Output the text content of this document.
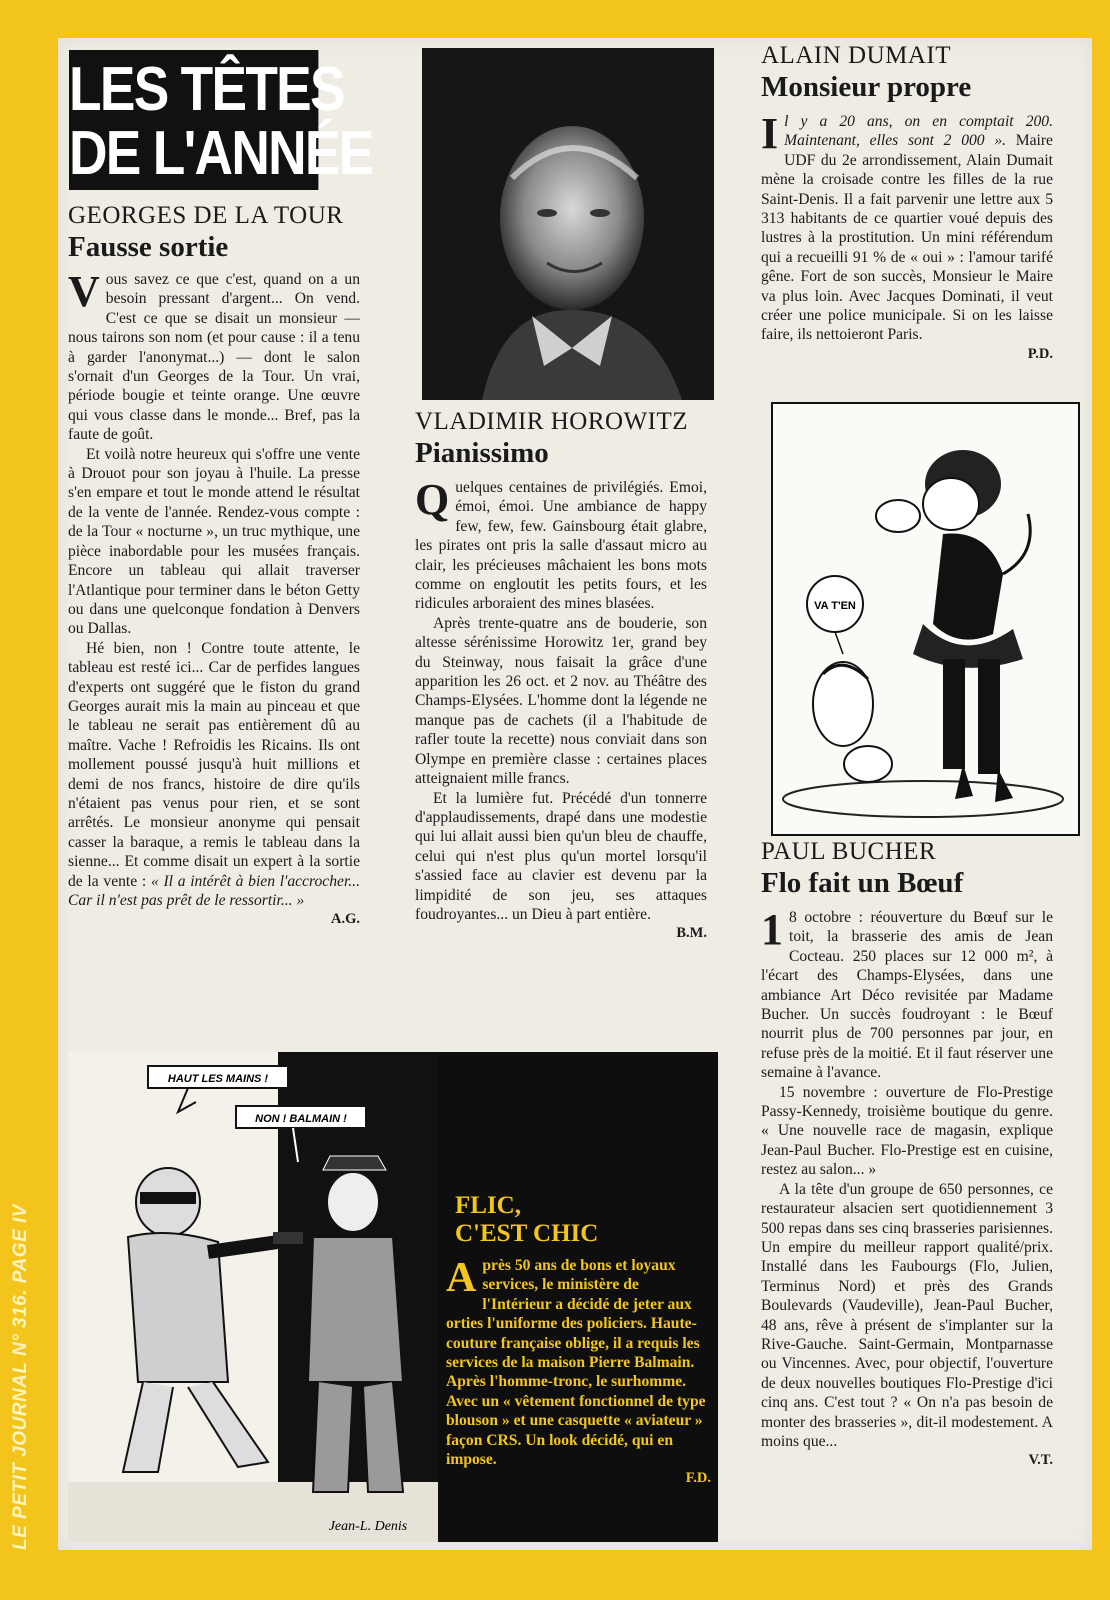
LES TÊTES
DE L'ANNÉE
GEORGES DE LA TOUR
Fausse sortie

Vous savez ce que c'est, quand on a un besoin pressant d'argent... On vend. C'est ce que se disait un monsieur — nous tairons son nom (et pour cause : il a tenu à garder l'anonymat...) — dont le salon s'ornait d'un Georges de la Tour. Un vrai, période bougie et teinte orange. Une œuvre qui vous classe dans le monde... Bref, pas la faute de goût.

Et voilà notre heureux qui s'offre une vente à Drouot pour son joyau à l'huile. La presse s'en empare et tout le monde attend le résultat de la vente de l'année. Rendez-vous compte : de la Tour « nocturne », un truc mythique, une pièce inabordable pour les musées français. Encore un tableau qui allait traverser l'Atlantique pour terminer dans le béton Getty ou dans une quelconque fondation à Denvers ou Dallas.

Hé bien, non ! Contre toute attente, le tableau est resté ici... Car de perfides langues d'experts ont suggéré que le fiston du grand Georges aurait mis la main au pinceau et que le tableau ne serait pas entièrement dû au maître. Vache ! Refroidis les Ricains. Ils ont mollement poussé jusqu'à huit millions et demi de nos francs, histoire de dire qu'ils n'étaient pas venus pour rien, et se sont arrêtés. Le monsieur anonyme qui pensait casser la baraque, a remis le tableau dans la sienne... Et comme disait un expert à la sortie de la vente : « Il a intérêt à bien l'accrocher... Car il n'est pas prêt de le ressortir... »

A.G.
VLADIMIR HOROWITZ
Pianissimo

Quelques centaines de privilégiés. Emoi, émoi, émoi. Une ambiance de happy few, few, few. Gainsbourg était glabre, les pirates ont pris la salle d'assaut micro au clair, les précieuses mâchaient les bons mots comme on engloutit les petits fours, et les ridicules arboraient des mines blasées.

Après trente-quatre ans de bouderie, son altesse sérénissime Horowitz 1er, grand bey du Steinway, nous faisait la grâce d'une apparition les 26 oct. et 2 nov. au Théâtre des Champs-Elysées. L'homme dont la légende ne manque pas de cachets (il a l'habitude de rafler toute la recette) nous conviait dans son Olympe en première classe : certaines places atteignaient mille francs.

Et la lumière fut. Précédé d'un tonnerre d'applaudissements, drapé dans une modestie qui lui allait aussi bien qu'un bleu de chauffe, celui qui n'est plus qu'un mortel lorsqu'il s'assied face au clavier est devenu par la limpidité de son jeu, ses attaques foudroyantes... un Dieu à part entière.

B.M.
ALAIN DUMAIT
Monsieur propre

Il y a 20 ans, on en comptait 200. Maintenant, elles sont 2 000 ». Maire UDF du 2e arrondissement, Alain Dumait mène la croisade contre les filles de la rue Saint-Denis. Il a fait parvenir une lettre aux 5 313 habitants de ce quartier voué depuis des lustres à la prostitution. Un mini référendum qui a recueilli 91 % de « oui » : l'amour tarifé gêne. Fort de son succès, Monsieur le Maire va plus loin. Avec Jacques Dominati, il veut créer une police municipale. Si on les laisse faire, ils nettoieront Paris.

P.D.
VA T'EN
PAUL BUCHER
Flo fait un Bœuf

1 8 octobre : réouverture du Bœuf sur le toit, la brasserie des amis de Jean Cocteau. 250 places sur 12 000 m², à l'écart des Champs-Elysées, dans une ambiance Art Déco revisitée par Madame Bucher. Un succès foudroyant : le Bœuf nourrit plus de 700 personnes par jour, en refuse près de la moitié. Et il faut réserver une semaine à l'avance.

15 novembre : ouverture de Flo-Prestige Passy-Kennedy, troisième boutique du genre. « Une nouvelle race de magasin, explique Jean-Paul Bucher. Flo-Prestige est en cuisine, restez au salon... »

A la tête d'un groupe de 650 personnes, ce restaurateur alsacien sert quotidiennement 3 500 repas dans ses cinq brasseries parisiennes. Un empire du meilleur rapport qualité/prix. Installé dans les Faubourgs (Flo, Julien, Terminus Nord) et près des Grands Boulevards (Vaudeville), Jean-Paul Bucher, 48 ans, rêve à présent de s'implanter sur la Rive-Gauche. Saint-Germain, Montparnasse ou Vincennes. Avec, pour objectif, l'ouverture de deux nouvelles boutiques Flo-Prestige d'ici cinq ans. C'est tout ? « On n'a pas besoin de monter des brasseries », dit-il modestement. A moins que...

V.T.
HAUT LES MAINS !
NON ! BALMAIN !
Jean-L. Denis
FLIC,
C'EST CHIC
Après 50 ans de bons et loyaux services, le ministère de l'Intérieur a décidé de jeter aux orties l'uniforme des policiers. Haute-couture française oblige, il a requis les services de la maison Pierre Balmain. Après l'homme-tronc, le surhomme. Avec un « vêtement fonctionnel de type blouson » et une casquette « aviateur » façon CRS. Un look décidé, qui en impose.
F.D.
LE PETIT JOURNAL N° 316. PAGE IV
